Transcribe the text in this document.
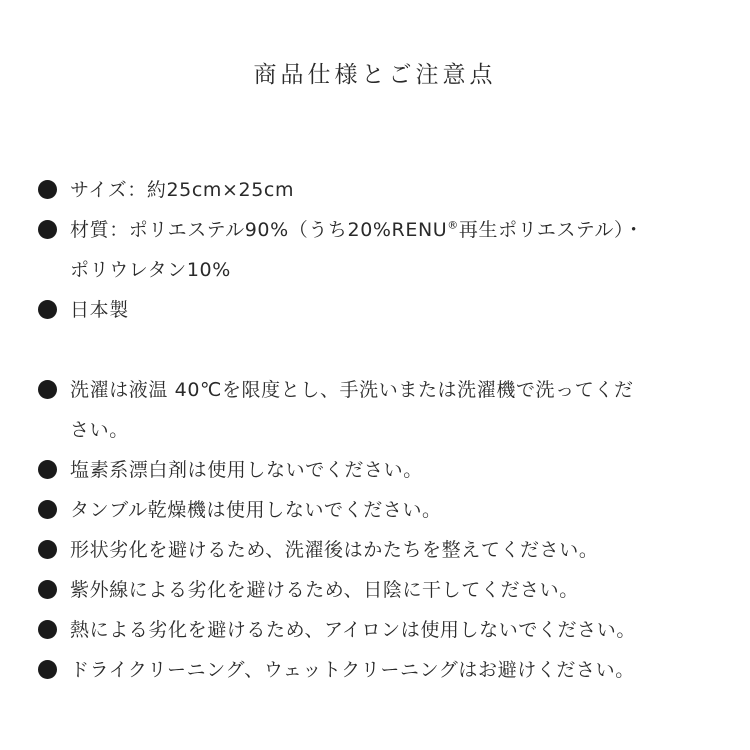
商品仕様とご注意点
サイズ：約25cm×25cm
材質：ポリエステル90%（うち20%RENU®再生ポリエステル）・
ポリウレタン10%
日本製
洗濯は液温 40℃を限度とし、手洗いまたは洗濯機で洗ってくだ
さい。
塩素系漂白剤は使用しないでください。
タンブル乾燥機は使用しないでください。
形状劣化を避けるため、洗濯後はかたちを整えてください。
紫外線による劣化を避けるため、日陰に干してください。
熱による劣化を避けるため、アイロンは使用しないでください。
ドライクリーニング、ウェットクリーニングはお避けください。
